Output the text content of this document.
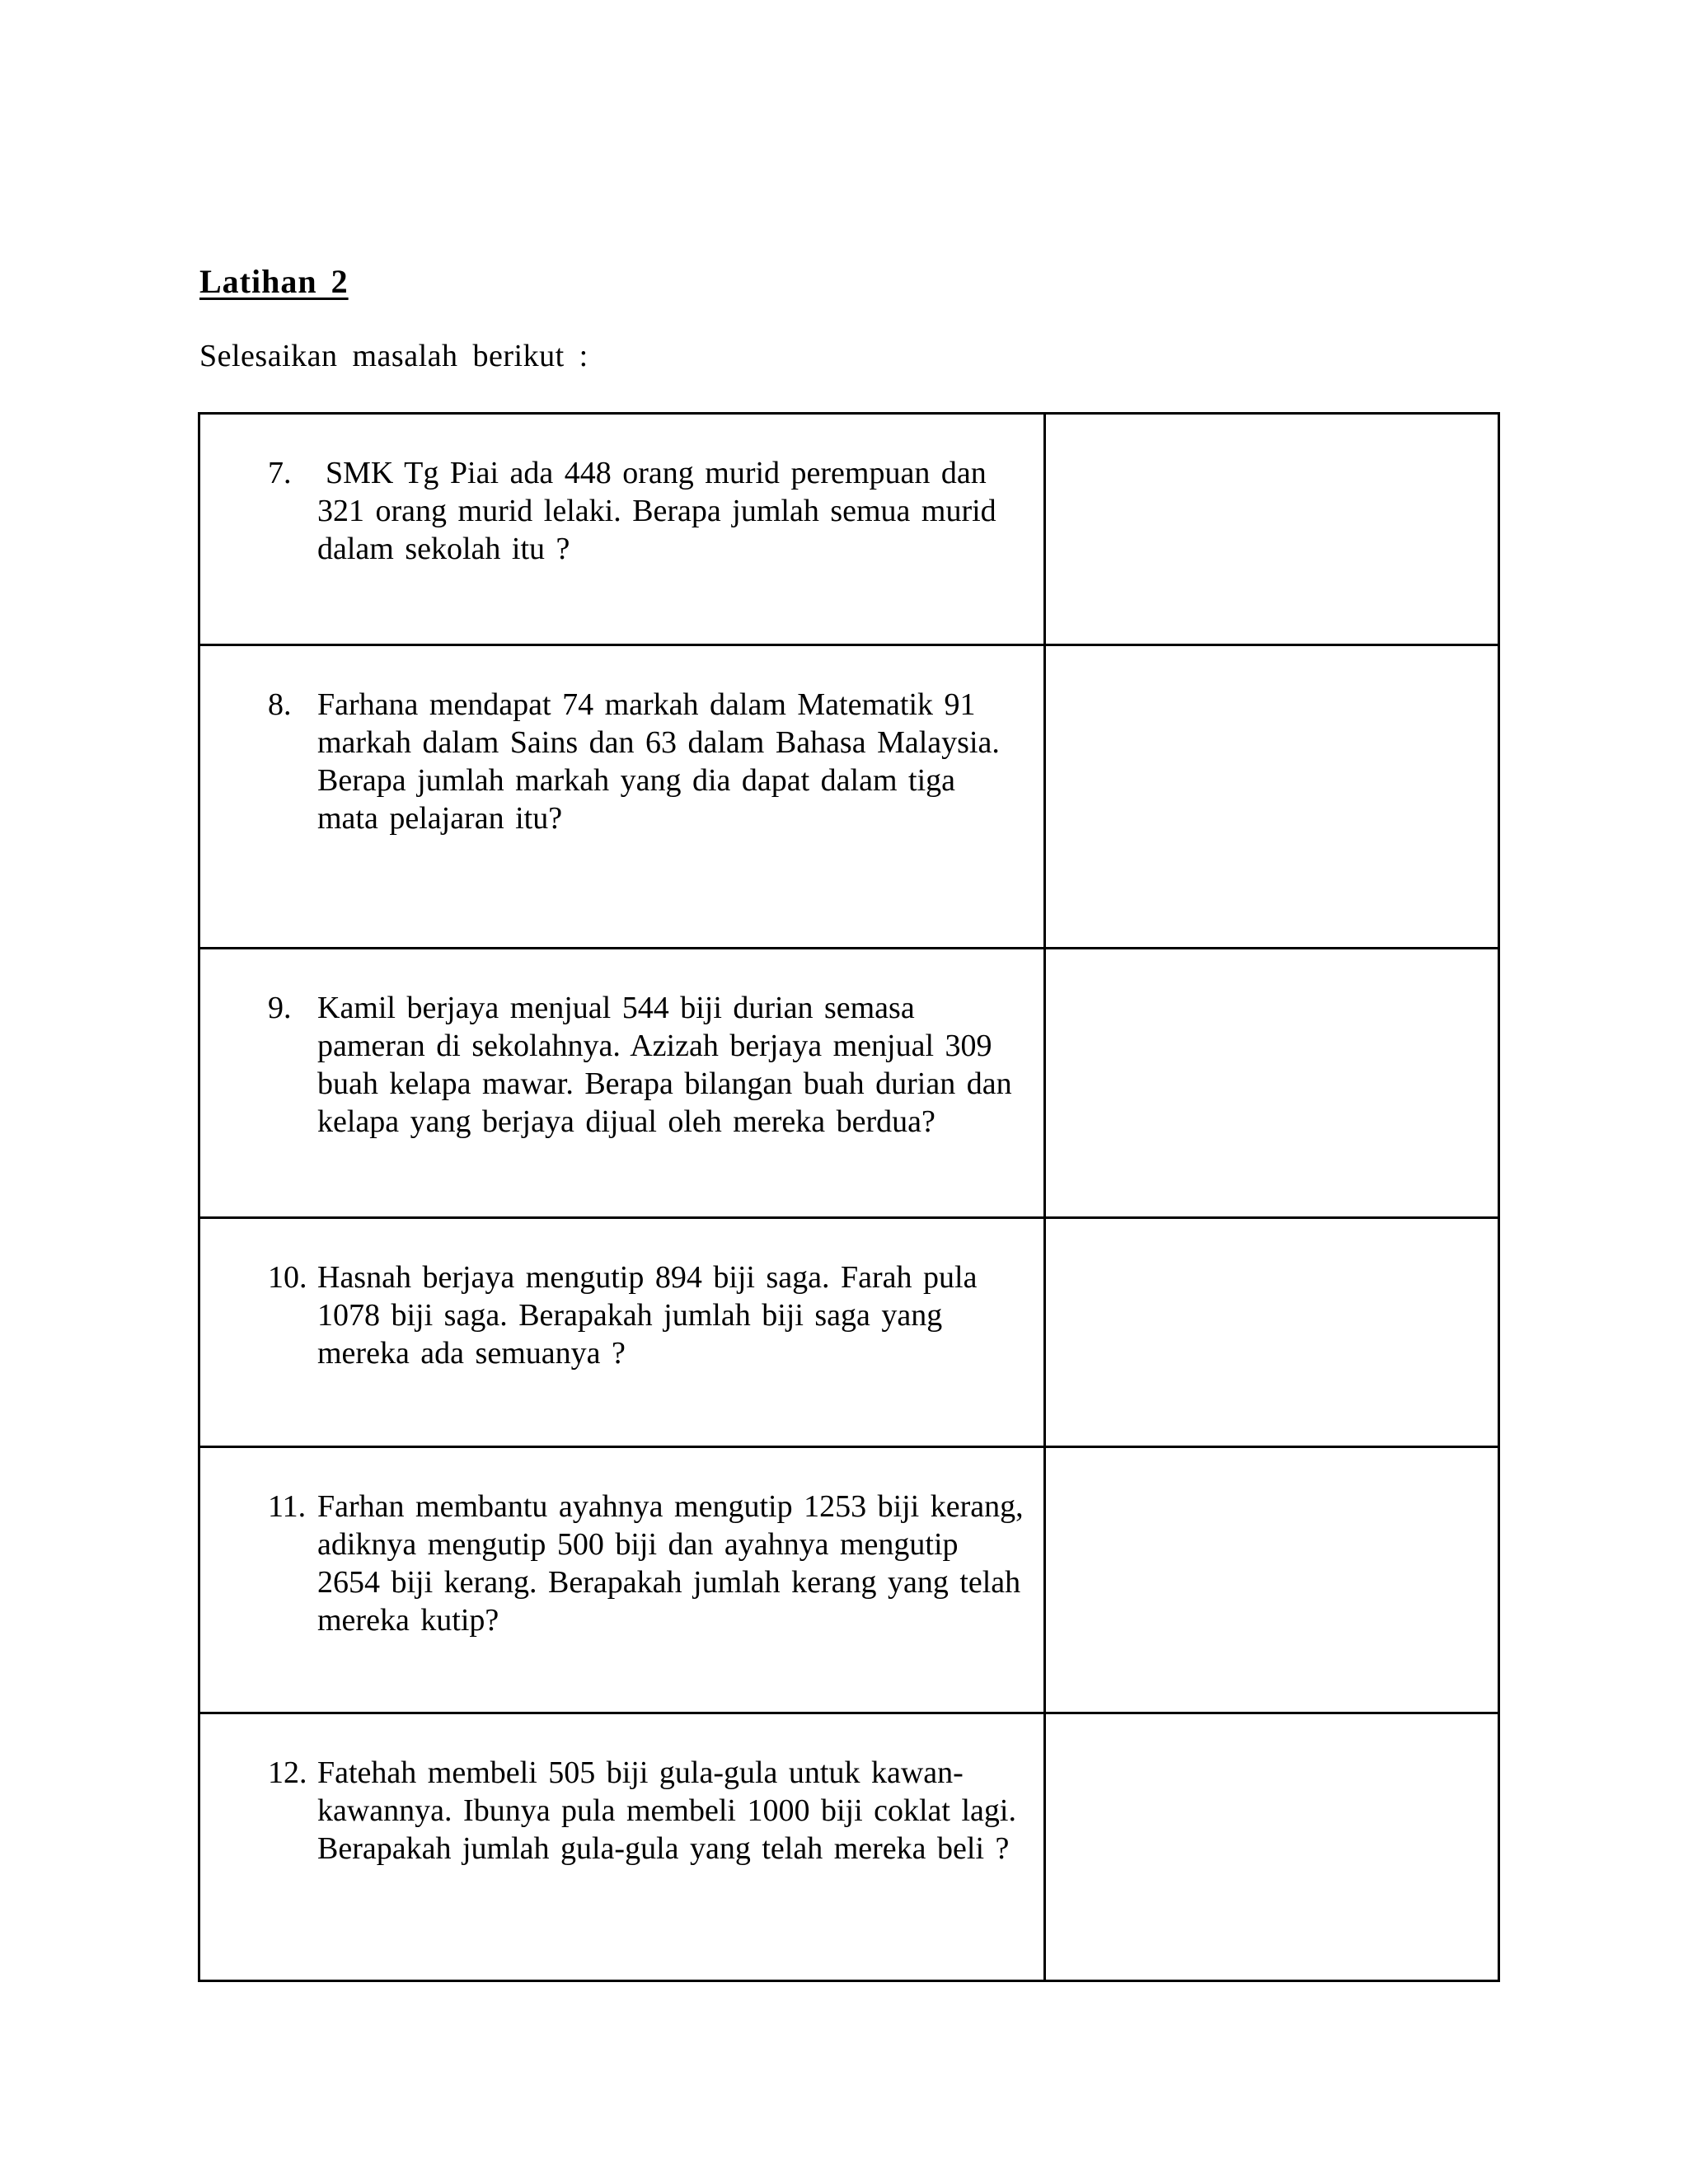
Latihan 2
Selesaikan masalah berikut :
7. SMK Tg Piai ada 448 orang murid perempuan dan 321 orang murid lelaki. Berapa jumlah semua murid dalam sekolah itu ?	

8. Farhana mendapat 74 markah dalam Matematik 91 markah dalam Sains dan 63 dalam Bahasa Malaysia. Berapa jumlah markah yang dia dapat dalam tiga mata pelajaran itu?	

9. Kamil berjaya menjual 544 biji durian semasa pameran di sekolahnya. Azizah berjaya menjual 309 buah kelapa mawar. Berapa bilangan buah durian dan kelapa yang berjaya dijual oleh mereka berdua?	

10. Hasnah berjaya mengutip 894 biji saga. Farah pula 1078 biji saga. Berapakah jumlah biji saga yang mereka ada semuanya ?	

11. Farhan membantu ayahnya mengutip 1253 biji kerang, adiknya mengutip 500 biji dan ayahnya mengutip 2654 biji kerang. Berapakah jumlah kerang yang telah mereka kutip?	

12. Fatehah membeli 505 biji gula-gula untuk kawan-kawannya. Ibunya pula membeli 1000 biji coklat lagi. Berapakah jumlah gula-gula yang telah mereka beli ?	
